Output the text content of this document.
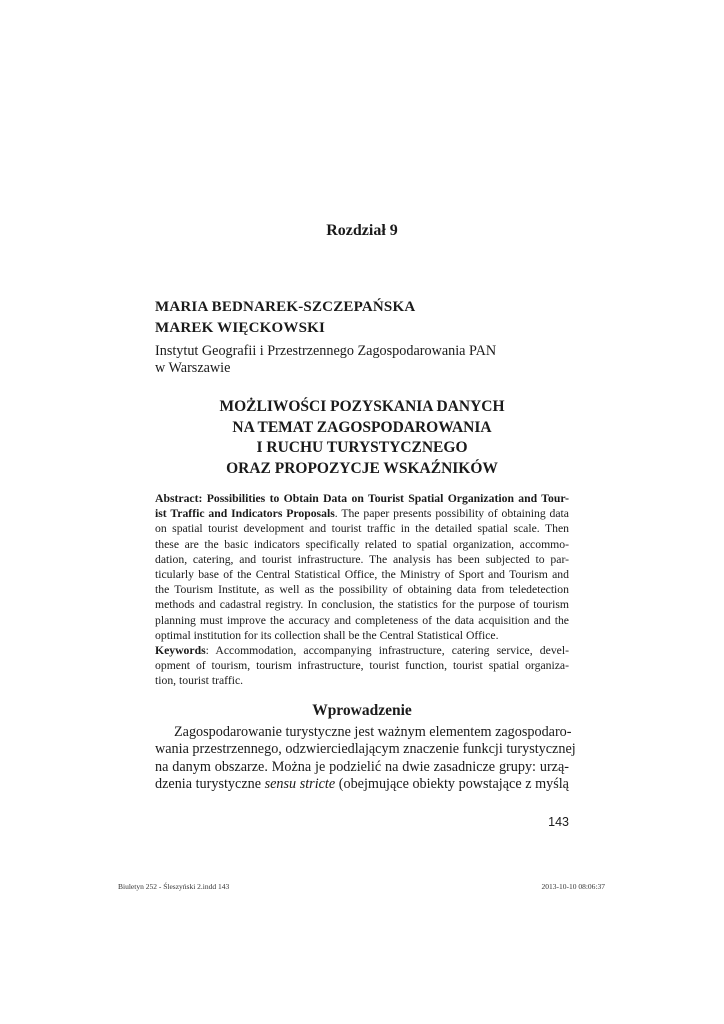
Rozdział 9
MARIA BEDNAREK-SZCZEPAŃSKA
MAREK WIĘCKOWSKI
Instytut Geografii i Przestrzennego Zagospodarowania PAN
w Warszawie
MOŻLIWOŚCI POZYSKANIA DANYCH
NA TEMAT ZAGOSPODAROWANIA
I RUCHU TURYSTYCZNEGO
ORAZ PROPOZYCJE WSKAŹNIKÓW
Abstract: Possibilities to Obtain Data on Tourist Spatial Organization and Tour-
ist Traffic and Indicators Proposals. The paper presents possibility of obtaining data
on spatial tourist development and tourist traffic in the detailed spatial scale. Then
these are the basic indicators specifically related to spatial organization, accommo-
dation, catering, and tourist infrastructure. The analysis has been subjected to par-
ticularly base of the Central Statistical Office, the Ministry of Sport and Tourism and
the Tourism Institute, as well as the possibility of obtaining data from teledetection
methods and cadastral registry. In conclusion, the statistics for the purpose of tourism
planning must improve the accuracy and completeness of the data acquisition and the
optimal institution for its collection shall be the Central Statistical Office.
Keywords: Accommodation, accompanying infrastructure, catering service, devel-
opment of tourism, tourism infrastructure, tourist function, tourist spatial organiza-
tion, tourist traffic.
Wprowadzenie
Zagospodarowanie turystyczne jest ważnym elementem zagospodaro-
wania przestrzennego, odzwierciedlającym znaczenie funkcji turystycznej
na danym obszarze. Można je podzielić na dwie zasadnicze grupy: urzą-
dzenia turystyczne sensu stricte (obejmujące obiekty powstające z myślą
143
Biuletyn 252 - Śleszyński 2.indd 143	2013-10-10 08:06:37
